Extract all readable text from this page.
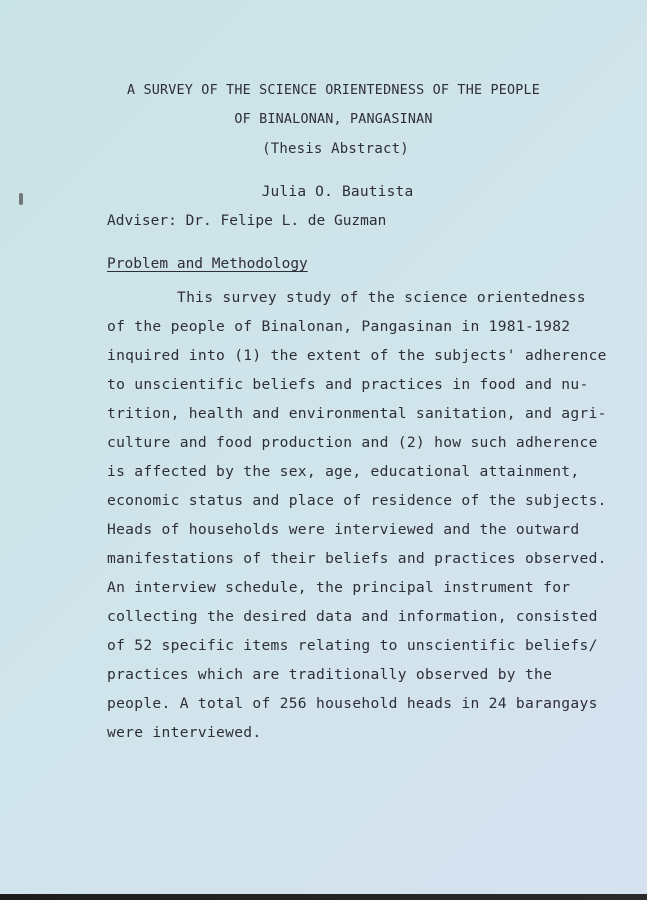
A SURVEY OF THE SCIENCE ORIENTEDNESS OF THE PEOPLE
OF BINALONAN, PANGASINAN
(Thesis Abstract)
Julia O. Bautista
Adviser: Dr. Felipe L. de Guzman
Problem and Methodology
This survey study of the science orientedness
of the people of Binalonan, Pangasinan in 1981-1982
inquired into (1) the extent of the subjects' adherence
to unscientific beliefs and practices in food and nu-
trition, health and environmental sanitation, and agri-
culture and food production and (2) how such adherence
is affected by the sex, age, educational attainment,
economic status and place of residence of the subjects.
Heads of households were interviewed and the outward
manifestations of their beliefs and practices observed.
An interview schedule, the principal instrument for
collecting the desired data and information, consisted
of 52 specific items relating to unscientific beliefs/
practices which are traditionally observed by the
people. A total of 256 household heads in 24 barangays
were interviewed.
